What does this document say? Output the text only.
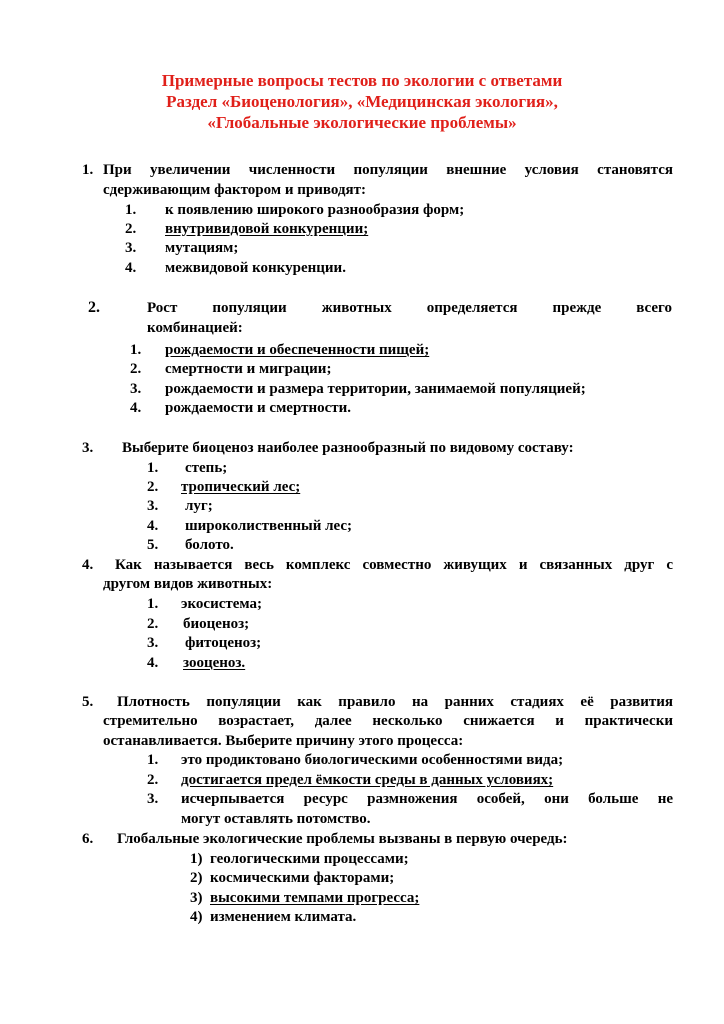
Примерные вопросы тестов по экологии с ответами
Раздел «Биоценология», «Медицинская экология»,
«Глобальные экологические проблемы»
1. При увеличении численности популяции внешние условия становятся
сдерживающим фактором и приводят:
1. к появлению широкого разнообразия форм;
2. внутривидовой конкуренции;
3. мутациям;
4. межвидовой конкуренции.
2.	Рост популяции животных определяется прежде всего
комбинацией:
1. рождаемости и обеспеченности пищей;
2. смертности и миграции;
3. рождаемости и размера территории, занимаемой популяцией;
4. рождаемости и смертности.
3. Выберите биоценоз наиболее разнообразный по видовому составу:
1. степь;
2. тропический лес;
3. луг;
4. широколиственный лес;
5. болото.
4. Как называется весь комплекс совместно живущих и связанных друг с
другом видов животных:
1. экосистема;
2. биоценоз;
3. фитоценоз;
4. зооценоз.
5. Плотность популяции как правило на ранних стадиях её развития
стремительно возрастает, далее несколько снижается и практически
останавливается. Выберите причину этого процесса:
1. это продиктовано биологическими особенностями вида;
2. достигается предел ёмкости среды в данных условиях;
3. исчерпывается ресурс размножения особей, они больше не
могут оставлять потомство.
6. Глобальные экологические проблемы вызваны в первую очередь:
1) геологическими процессами;
2) космическими факторами;
3) высокими темпами прогресса;
4) изменением климата.
